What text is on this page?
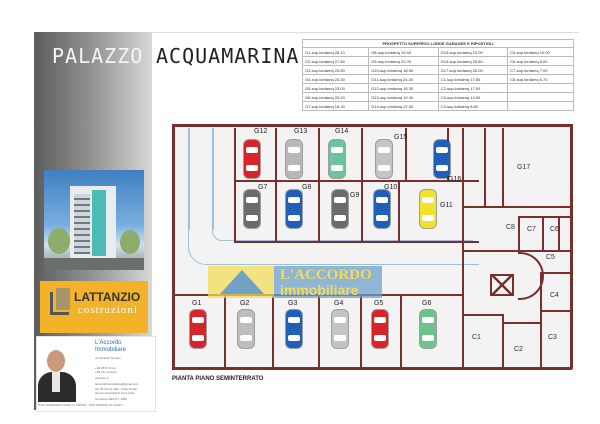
PALAZZO ACQUAMARINA
PROSPETTO SUPERFICI LORDE GARAGES E RIPOSTIGLI			
G1-sup.lordamq 26.10	G8-sup.lordamq 19.40	G15-sup.lordamq 23.00	C5-sup.lordamq 10.00
G2-sup.lordamq 27.80	G9-sup.lordamq 22.00	G16-sup.lordamq 25.80	C6-sup.lordamq 6.00
G3-sup.lordamq 25.80	G10-sup.lordamq 18.90	G17-sup.lordamq 26.00	C7-sup.lordamq 7.00
G4-sup.lordamq 24.30	G11-sup.lordamq 24.40	C1-sup.lordamq 17.80	C8-sup.lordamq 6.70
G5-sup.lordamq 23.00	G12-sup.lordamq 18.30	C2-sup.lordamq 17.00	
G6-sup.lordamq 25.20	G13-sup.lordamq 19.40	C3-sup.lordamq 13.00	
G7-sup.lordamq 18.30	G14-sup.lordamq 22.00	C4-sup.lordamq 8.80	
LATTANZIO
costruzioni
L'Accordo Immobiliare
di Carulesh Giorgio
+39 0871 0xxxx
+39 3xx xxxxxxx
Accordo It
laccordoimmobiliare@gmail.com
V.le B. Croce 299 - Chieti Scalo
(zona Università D' Annunzio)
Iscrizione REA P.I. 1963
P.IVA 0000000000 CREA N. 000000 - PROTEZIONE DI CHIETI
G12	G13	G14
G15
G16
G7	G8
G9
G10
G11
G1	G2	G3	G4	G5	G6
G17
C8 C7 C6
C5
C4
C3
C2
C1
L'ACCORDO
immobiliare
PIANTA PIANO SEMINTERRATO
